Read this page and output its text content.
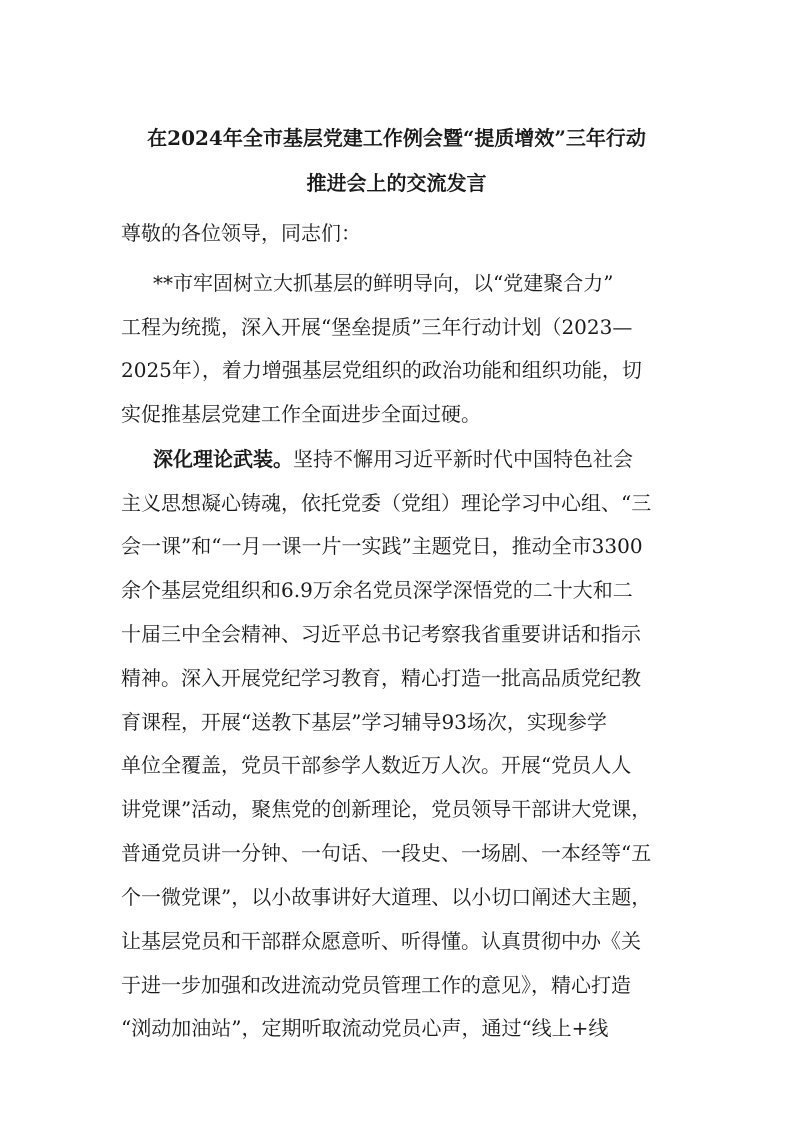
在2024年全市基层党建工作例会暨“提质增效”三年行动
推进会上的交流发言

尊敬的各位领导，同志们：

**市牢固树立大抓基层的鲜明导向，以“党建聚合力”

工程为统揽，深入开展“堡垒提质”三年行动计划（2023—

2025年），着力增强基层党组织的政治功能和组织功能，切

实促推基层党建工作全面进步全面过硬。

深化理论武装。坚持不懈用习近平新时代中国特色社会

主义思想凝心铸魂，依托党委（党组）理论学习中心组、“三

会一课”和“一月一课一片一实践”主题党日，推动全市3300

余个基层党组织和6.9万余名党员深学深悟党的二十大和二

十届三中全会精神、习近平总书记考察我省重要讲话和指示

精神。深入开展党纪学习教育，精心打造一批高品质党纪教

育课程，开展“送教下基层”学习辅导93场次，实现参学

单位全覆盖，党员干部参学人数近万人次。开展“党员人人

讲党课”活动，聚焦党的创新理论，党员领导干部讲大党课，

普通党员讲一分钟、一句话、一段史、一场剧、一本经等“五

个一微党课”，以小故事讲好大道理、以小切口阐述大主题，

让基层党员和干部群众愿意听、听得懂。认真贯彻中办《关

于进一步加强和改进流动党员管理工作的意见》，精心打造

“浏动加油站”，定期听取流动党员心声，通过“线上+线
